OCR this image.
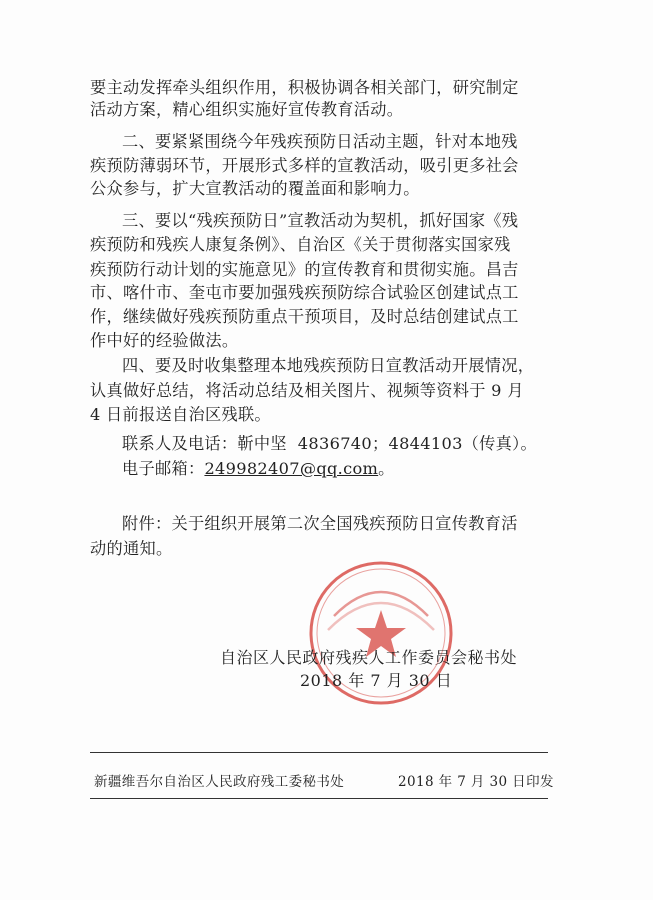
要主动发挥牵头组织作用，积极协调各相关部门，研究制定
活动方案，精心组织实施好宣传教育活动。
二、要紧紧围绕今年残疾预防日活动主题，针对本地残
疾预防薄弱环节，开展形式多样的宣教活动，吸引更多社会
公众参与，扩大宣教活动的覆盖面和影响力。
三、要以“残疾预防日”宣教活动为契机，抓好国家《残
疾预防和残疾人康复条例》、自治区《关于贯彻落实国家残
疾预防行动计划的实施意见》的宣传教育和贯彻实施。昌吉
市、喀什市、奎屯市要加强残疾预防综合试验区创建试点工
作，继续做好残疾预防重点干预项目，及时总结创建试点工
作中好的经验做法。
四、要及时收集整理本地残疾预防日宣教活动开展情况，
认真做好总结，将活动总结及相关图片、视频等资料于 9 月
4 日前报送自治区残联。
联系人及电话：靳中坚 4836740；4844103（传真）。
电子邮箱：249982407@qq.com。
附件：关于组织开展第二次全国残疾预防日宣传教育活
动的通知。
自治区人民政府残疾人工作委员会秘书处
2018 年 7 月 30 日
新疆维吾尔自治区人民政府残工委秘书处	2018 年 7 月 30 日印发
